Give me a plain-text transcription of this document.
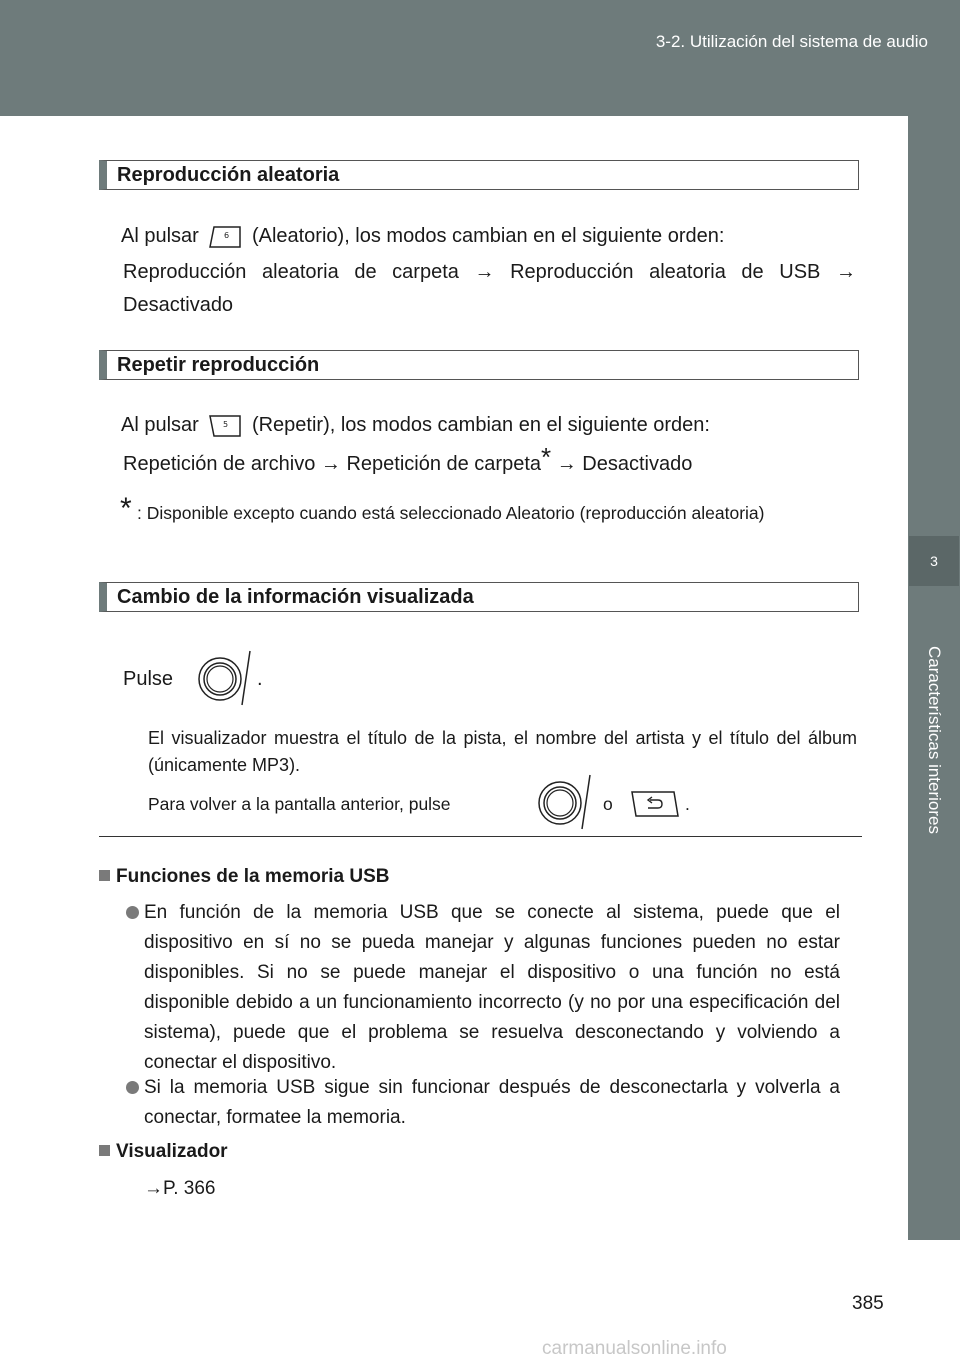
3-2. Utilización del sistema de audio
3
Características interiores
Reproducción aleatoria
Al pulsar	6 (Aleatorio), los modos cambian en el siguiente orden:
Reproducción aleatoria de carpeta → Reproducción aleatoria de USB → Desactivado
Repetir reproducción
Al pulsar	5 (Repetir), los modos cambian en el siguiente orden:
Repetición de archivo → Repetición de carpeta* → Desactivado
* : Disponible excepto cuando está seleccionado Aleatorio (reproducción aleatoria)
Cambio de la información visualizada
Pulse	.
El visualizador muestra el título de la pista, el nombre del artista y el título del álbum (únicamente MP3).
Para volver a la pantalla anterior, pulse	o	.
Funciones de la memoria USB
En función de la memoria USB que se conecte al sistema, puede que el dispositivo en sí no se pueda manejar y algunas funciones pueden no estar disponibles. Si no se puede manejar el dispositivo o una función no está disponible debido a un funcionamiento incorrecto (y no por una especificación del sistema), puede que el problema se resuelva desconectando y volviendo a conectar el dispositivo.
Si la memoria USB sigue sin funcionar después de desconectarla y volverla a conectar, formatee la memoria.
Visualizador
→P. 366
385
carmanualsonline.info
